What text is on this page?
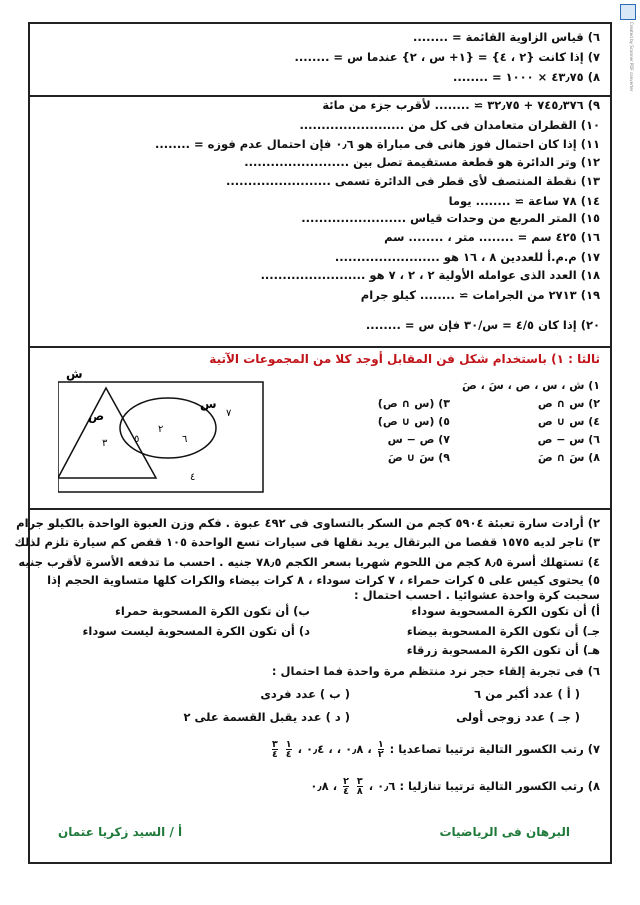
Created by Scanner PDF converter
٦)قياس الزاوية القائمة = ........
٧)إذا كانت {٢ ، ٤} = {١+ س ، ٢} عندما س = ........
٨)٤٣٫٧٥ × ١٠٠٠ = ........
٩)٧٤٥٫٣٧٦ + ٣٢٫٧٥ ≃ ........ لأقرب جزء من مائة
١٠)القطران متعامدان فى كل من ........................
١١)إذا كان احتمال فوز هانى فى مباراة هو ٠٫٦ فإن احتمال عدم فوزه = ........
١٢)وتر الدائرة هو قطعة مستقيمة تصل بين ........................
١٣)نقطة المنتصف لأى قطر فى الدائرة تسمى ........................
١٤)٧٨ ساعة ≃ ........ يوما
١٥)المتر المربع من وحدات قياس ........................
١٦)٤٢٥ سم = ........ متر ، ........ سم
١٧)م.م.أ للعددين ٨ ، ١٦ هو ........................
١٨)العدد الذى عوامله الأولية ٢ ، ٢ ، ٧ هو ........................
١٩)٢٧١٣ من الجرامات ≃ ........ كيلو جرام
٢٠)إذا كان ٤/٥ = س/٣٠ فإن س = ........
ثالثا : ١) باستخدام شكل فن المقابل أوجد كلا من المجموعات الآتية
١) ش ، س ، ص ، سَ ، صَ
٢) س ∩ ص
٣) (س ∩ ص)َ
٤) س ∪ ص
٥) (س ∪ ص)َ
٦) س − ص
٧) ص − س
٨) سَ ∩ صَ
٩) سَ ∪ صَ
ش
ص
س
٣	٥
٢
٦
٧
٤
٢) أرادت سارة تعبئة ٥٩٠٤ كجم من السكر بالتساوى فى ٤٩٢ عبوة . فكم وزن العبوة الواحدة بالكيلو جرام
٣) تاجر لديه ١٥٧٥ قفصا من البرتقال يريد نقلها فى سيارات تسع الواحدة ١٠٥ قفص كم سيارة تلزم لذلك
٤) تستهلك أسرة ٨٫٥ كجم من اللحوم شهريا بسعر الكجم ٧٨٫٥ جنيه . احسب ما تدفعه الأسرة لأقرب جنيه
٥) يحتوى كيس على ٥ كرات حمراء ، ٧ كرات سوداء ، ٨ كرات بيضاء والكرات كلها متساوية الحجم إذا
سحبت كرة واحدة عشوائيا . احسب احتمال :
ب) أن تكون الكرة المسحوبة حمراء	أ) أن تكون الكرة المسحوبة سوداء
د) أن تكون الكرة المسحوبة ليست سوداء	جـ) أن تكون الكرة المسحوبة بيضاء
هـ) أن تكون الكرة المسحوبة زرقاء
٦) فى تجربة إلقاء حجر نرد منتظم مرة واحدة فما احتمال :
( ب ) عدد فردى	( أ ) عدد أكبر من ٦
( د ) عدد يقبل القسمة على ٢	( جـ ) عدد زوجى أولى
٧) رتب الكسور التالية ترتيبا تصاعديا :
$\frac{١}{٢}$
، ٠٫٨ ، ، ٠٫٤ ،
$\frac{١}{٤}$

$\frac{٣}{٤}$
٨) رتب الكسور التالية ترتيبا تنازليا : ٠٫٦ ،
$\frac{٣}{٨}$

$\frac{٢}{٤}$
، ٠٫٨
أ / السيد زكريا عتمان	البرهان فى الرياضيات
